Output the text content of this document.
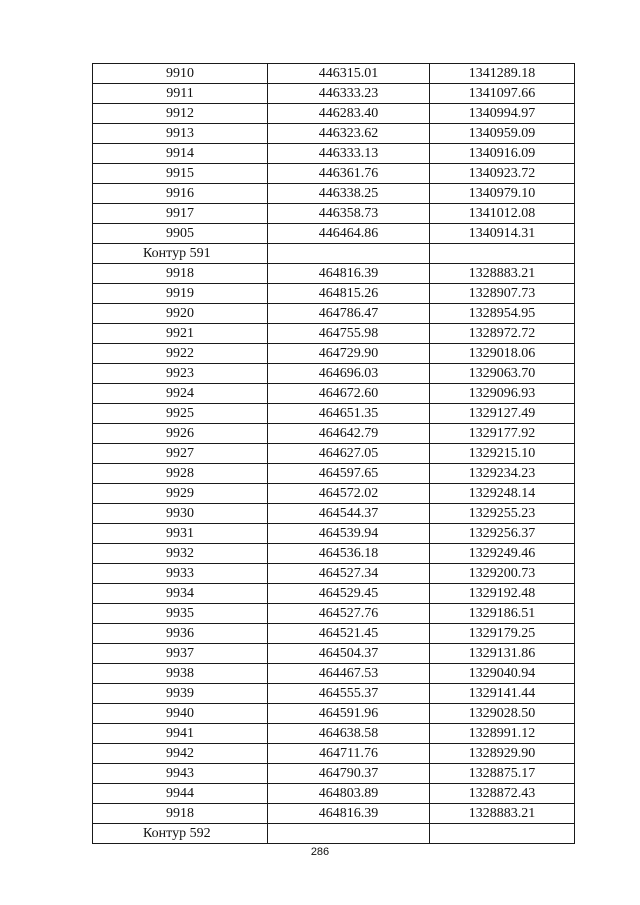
9910	446315.01	1341289.18
9911	446333.23	1341097.66
9912	446283.40	1340994.97
9913	446323.62	1340959.09
9914	446333.13	1340916.09
9915	446361.76	1340923.72
9916	446338.25	1340979.10
9917	446358.73	1341012.08
9905	446464.86	1340914.31
Контур 591		
9918	464816.39	1328883.21
9919	464815.26	1328907.73
9920	464786.47	1328954.95
9921	464755.98	1328972.72
9922	464729.90	1329018.06
9923	464696.03	1329063.70
9924	464672.60	1329096.93
9925	464651.35	1329127.49
9926	464642.79	1329177.92
9927	464627.05	1329215.10
9928	464597.65	1329234.23
9929	464572.02	1329248.14
9930	464544.37	1329255.23
9931	464539.94	1329256.37
9932	464536.18	1329249.46
9933	464527.34	1329200.73
9934	464529.45	1329192.48
9935	464527.76	1329186.51
9936	464521.45	1329179.25
9937	464504.37	1329131.86
9938	464467.53	1329040.94
9939	464555.37	1329141.44
9940	464591.96	1329028.50
9941	464638.58	1328991.12
9942	464711.76	1328929.90
9943	464790.37	1328875.17
9944	464803.89	1328872.43
9918	464816.39	1328883.21
Контур 592		
286
